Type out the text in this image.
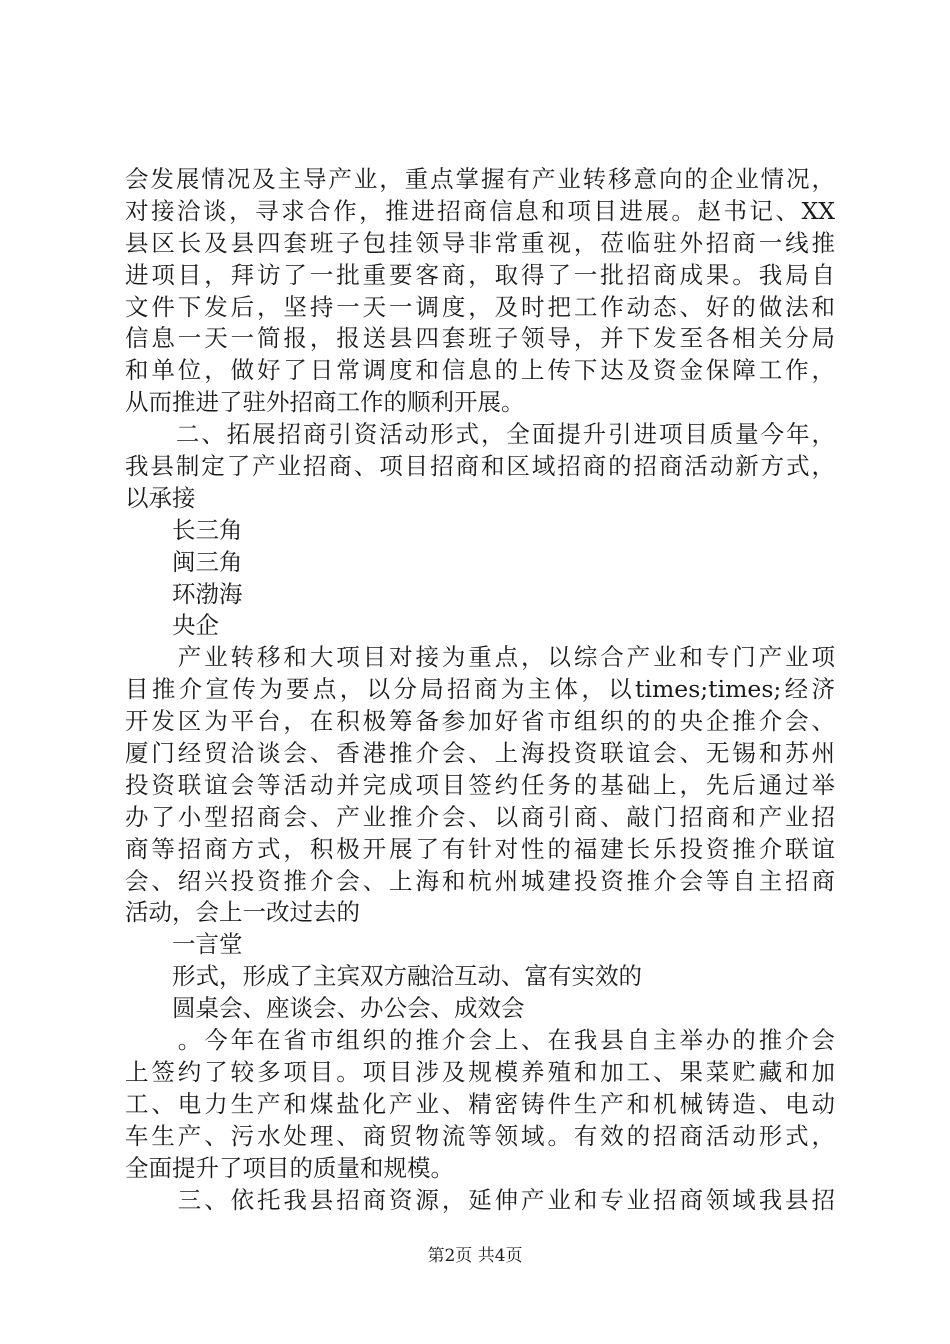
会发展情况及主导产业，重点掌握有产业转移意向的企业情况，
对接洽谈，寻求合作，推进招商信息和项目进展。赵书记、XX
县区长及县四套班子包挂领导非常重视，莅临驻外招商一线推
进项目，拜访了一批重要客商，取得了一批招商成果。我局自
文件下发后，坚持一天一调度，及时把工作动态、好的做法和
信息一天一简报，报送县四套班子领导，并下发至各相关分局
和单位，做好了日常调度和信息的上传下达及资金保障工作，
从而推进了驻外招商工作的顺利开展。
　　二、拓展招商引资活动形式，全面提升引进项目质量今年，
我县制定了产业招商、项目招商和区域招商的招商活动新方式，
以承接
　　长三角
　　闽三角
　　环渤海
　　央企
　　产业转移和大项目对接为重点，以综合产业和专门产业项
目推介宣传为要点，以分局招商为主体，以times;times;经济
开发区为平台，在积极筹备参加好省市组织的的央企推介会、
厦门经贸洽谈会、香港推介会、上海投资联谊会、无锡和苏州
投资联谊会等活动并完成项目签约任务的基础上，先后通过举
办了小型招商会、产业推介会、以商引商、敲门招商和产业招
商等招商方式，积极开展了有针对性的福建长乐投资推介联谊
会、绍兴投资推介会、上海和杭州城建投资推介会等自主招商
活动，会上一改过去的
　　一言堂
　　形式，形成了主宾双方融洽互动、富有实效的
　　圆桌会、座谈会、办公会、成效会
　　。今年在省市组织的推介会上、在我县自主举办的推介会
上签约了较多项目。项目涉及规模养殖和加工、果菜贮藏和加
工、电力生产和煤盐化产业、精密铸件生产和机械铸造、电动
车生产、污水处理、商贸物流等领域。有效的招商活动形式，
全面提升了项目的质量和规模。
　　三、依托我县招商资源，延伸产业和专业招商领域我县招
第2页 共4页
